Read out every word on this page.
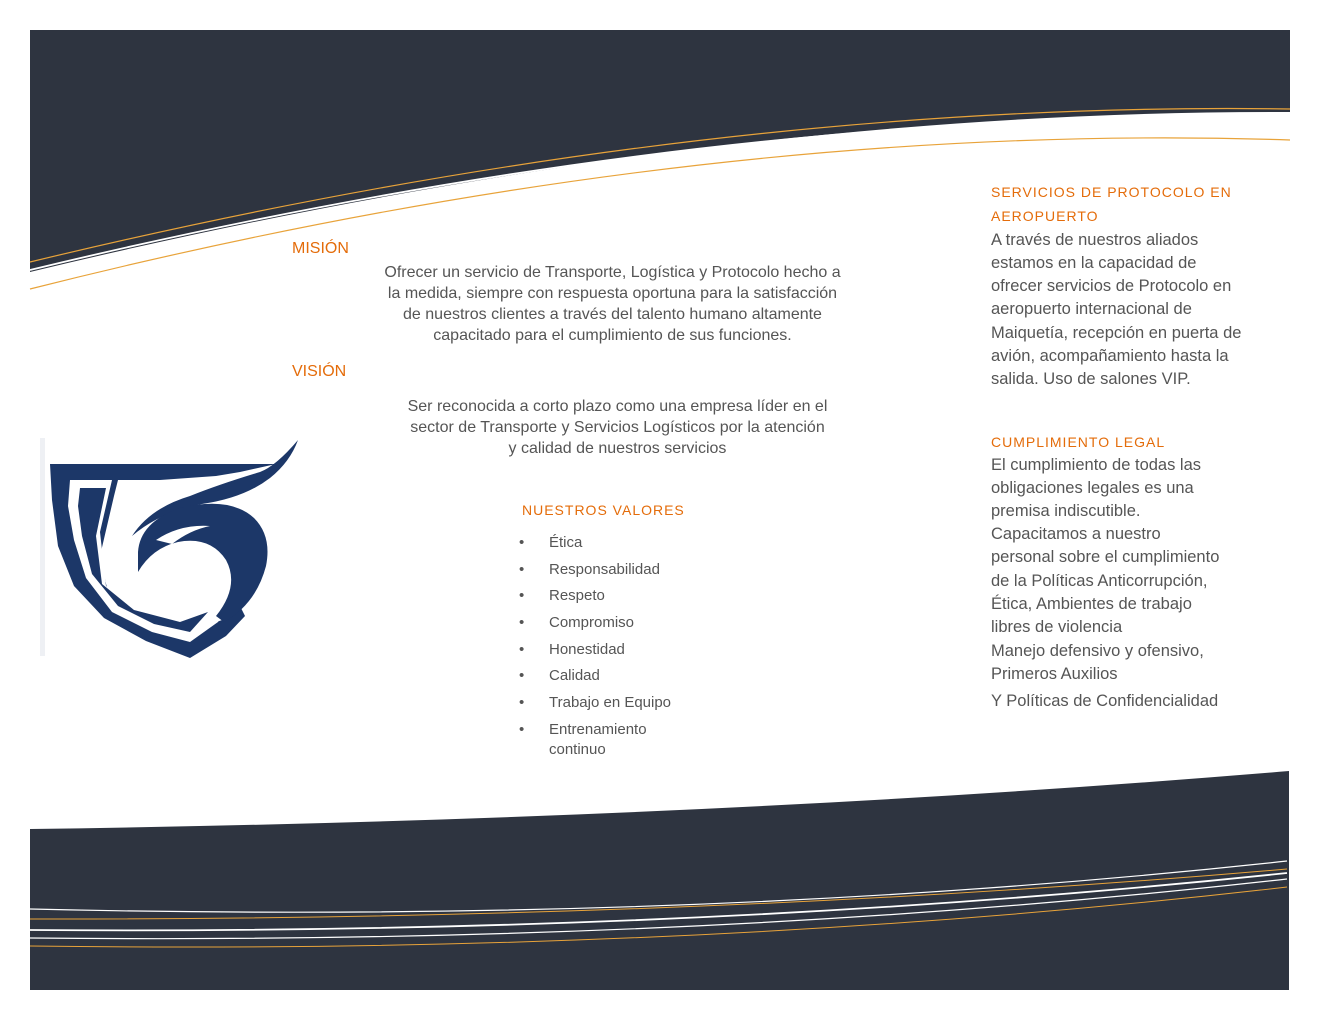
MISIÓN

Ofrecer un servicio de Transporte, Logística y Protocolo hecho a

la medida, siempre con respuesta oportuna para la satisfacción

de nuestros clientes a través del talento humano altamente

capacitado para el cumplimiento de sus funciones.

VISIÓN

Ser reconocida a corto plazo como una empresa líder en el

sector de Transporte y Servicios Logísticos por la atención

y calidad de nuestros servicios

NUESTROS VALORES
• Ética
• Responsabilidad
• Respeto
• Compromiso
• Honestidad
• Calidad
• Trabajo en Equipo
• Entrenamiento continuo
SERVICIOS DE PROTOCOLO EN
AEROPUERTO

A través de nuestros aliados

estamos en la capacidad de

ofrecer servicios de Protocolo en

aeropuerto internacional de

Maiquetía, recepción en puerta de

avión, acompañamiento hasta la

salida. Uso de salones VIP.

CUMPLIMIENTO LEGAL

El cumplimiento de todas las

obligaciones legales es una

premisa indiscutible.

Capacitamos a nuestro

personal sobre el cumplimiento

de la Políticas Anticorrupción,

Ética, Ambientes de trabajo

libres de violencia

Manejo defensivo y ofensivo,

Primeros Auxilios

Y Políticas de Confidencialidad
